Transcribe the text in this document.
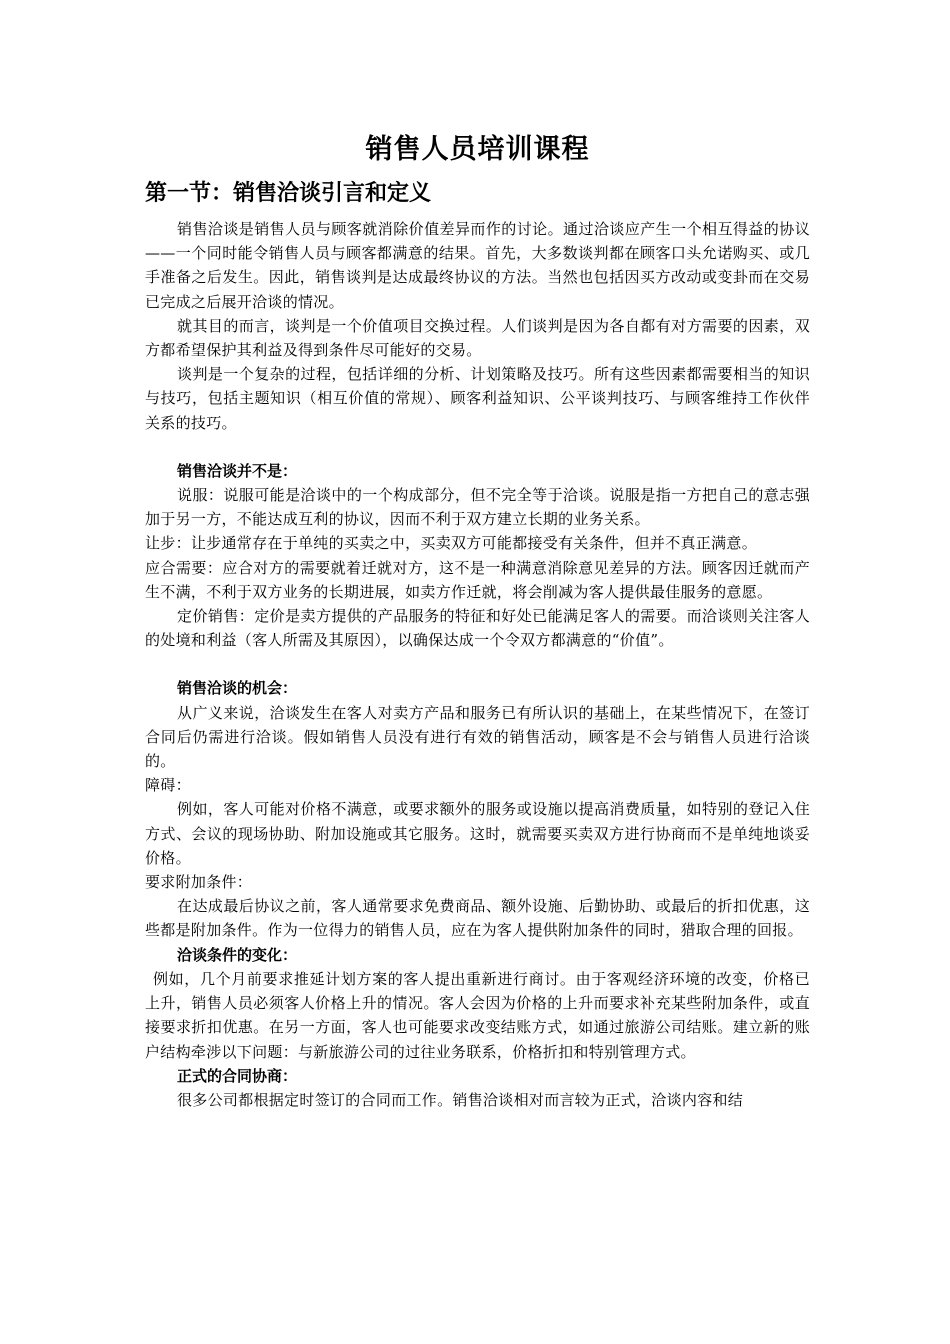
销售人员培训课程
第一节：销售洽谈引言和定义

销售洽谈是销售人员与顾客就消除价值差异而作的讨论。通过洽谈应产生一个相互得益的协议——一个同时能令销售人员与顾客都满意的结果。首先，大多数谈判都在顾客口头允诺购买、或几手准备之后发生。因此，销售谈判是达成最终协议的方法。当然也包括因买方改动或变卦而在交易已完成之后展开洽谈的情况。

就其目的而言，谈判是一个价值项目交换过程。人们谈判是因为各自都有对方需要的因素，双方都希望保护其利益及得到条件尽可能好的交易。

谈判是一个复杂的过程，包括详细的分析、计划策略及技巧。所有这些因素都需要相当的知识与技巧，包括主题知识（相互价值的常规）、顾客利益知识、公平谈判技巧、与顾客维持工作伙伴关系的技巧。

销售洽谈并不是：

说服：说服可能是洽谈中的一个构成部分，但不完全等于洽谈。说服是指一方把自己的意志强加于另一方，不能达成互利的协议，因而不利于双方建立长期的业务关系。

让步：让步通常存在于单纯的买卖之中，买卖双方可能都接受有关条件，但并不真正满意。

应合需要：应合对方的需要就着迁就对方，这不是一种满意消除意见差异的方法。顾客因迁就而产生不满，不利于双方业务的长期进展，如卖方作迁就，将会削减为客人提供最佳服务的意愿。

定价销售：定价是卖方提供的产品服务的特征和好处已能满足客人的需要。而洽谈则关注客人的处境和利益（客人所需及其原因），以确保达成一个令双方都满意的“价值”。

销售洽谈的机会：

从广义来说，洽谈发生在客人对卖方产品和服务已有所认识的基础上，在某些情况下，在签订合同后仍需进行洽谈。假如销售人员没有进行有效的销售活动，顾客是不会与销售人员进行洽谈的。

障碍：

例如，客人可能对价格不满意，或要求额外的服务或设施以提高消费质量，如特别的登记入住方式、会议的现场协助、附加设施或其它服务。这时，就需要买卖双方进行协商而不是单纯地谈妥价格。

要求附加条件：

在达成最后协议之前，客人通常要求免费商品、额外设施、后勤协助、或最后的折扣优惠，这些都是附加条件。作为一位得力的销售人员，应在为客人提供附加条件的同时，猎取合理的回报。

洽谈条件的变化：

例如，几个月前要求推延计划方案的客人提出重新进行商讨。由于客观经济环境的改变，价格已上升，销售人员必须客人价格上升的情况。客人会因为价格的上升而要求补充某些附加条件，或直接要求折扣优惠。在另一方面，客人也可能要求改变结账方式，如通过旅游公司结账。建立新的账户结构牵涉以下问题：与新旅游公司的过往业务联系，价格折扣和特别管理方式。

正式的合同协商：

很多公司都根据定时签订的合同而工作。销售洽谈相对而言较为正式，洽谈内容和结
